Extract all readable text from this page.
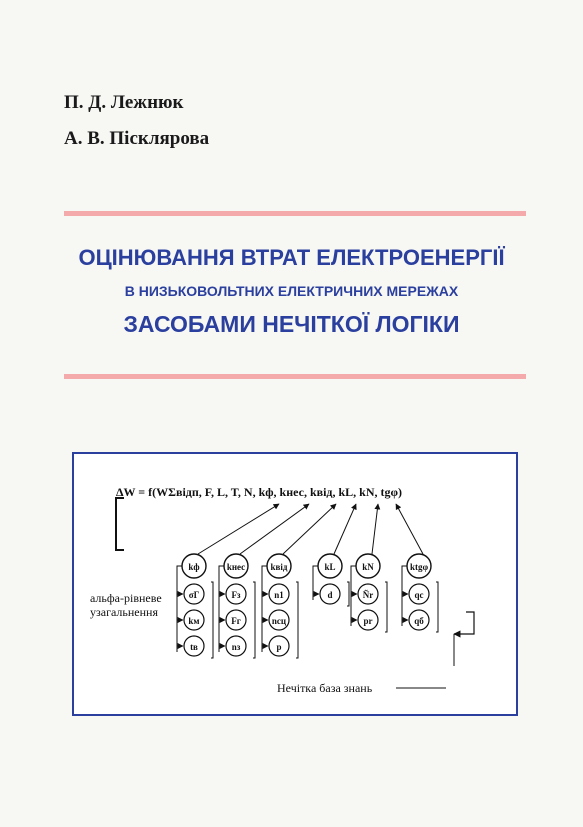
П. Д. Лежнюк
А. В. Пісклярова
ОЦІНЮВАННЯ ВТРАТ ЕЛЕКТРОЕНЕРГІЇ
В НИЗЬКОВОЛЬТНИХ ЕЛЕКТРИЧНИХ МЕРЕЖАХ
ЗАСОБАМИ НЕЧІТКОЇ ЛОГІКИ
ΔW = f(WΣвідп, F, L, T, N, kф, kнес, kвід, kL, kN, tgφ)
альфа-рівневе
узагальнення
Нечітка база знань
kф
σΓ
kм
tв
kнес
Fз
Fг
nз
kвід
n1
nсц
p
kL
d
kN
Ñr
pr
ktgφ
qс
qб
